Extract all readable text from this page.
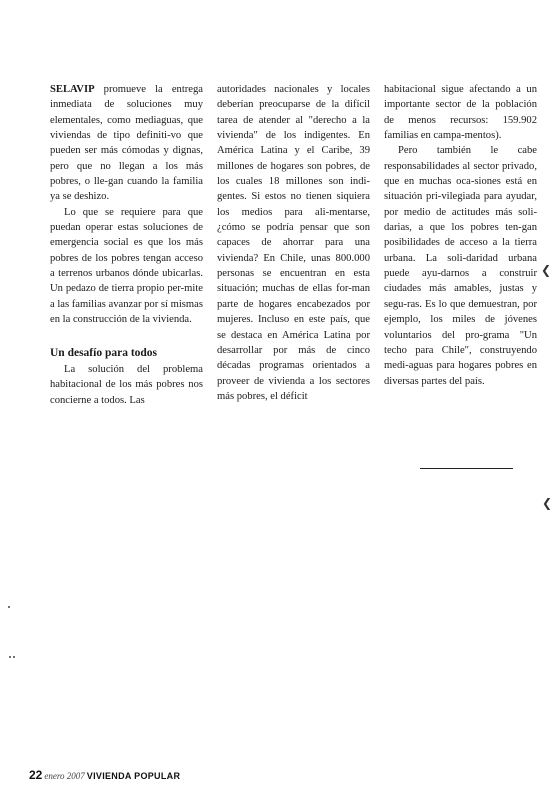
SELAVIP promueve la entrega inmediata de soluciones muy elementales, como mediaguas, que viviendas de tipo definiti-vo que pueden ser más cómodas y dignas, pero que no llegan a los más pobres, o lle-gan cuando la familia ya se deshizo.

Lo que se requiere para que puedan operar estas soluciones de emergencia social es que los más pobres de los pobres tengan acceso a terrenos urbanos dónde ubicarlas. Un pedazo de tierra propio per-mite a las familias avanzar por sí mismas en la construcción de la vivienda.

Un desafío para todos

La solución del problema habitacional de los más pobres nos concierne a todos. Las

autoridades nacionales y locales deberían preocuparse de la difícil tarea de atender al "derecho a la vivienda" de los indigentes. En América Latina y el Caribe, 39 millones de hogares son pobres, de los cuales 18 millones son indi-gentes. Si estos no tienen siquiera los medios para ali-mentarse, ¿cómo se podría pensar que son capaces de ahorrar para una vivienda? En Chile, unas 800.000 personas se encuentran en esta situación; muchas de ellas for-man parte de hogares encabezados por mujeres. Incluso en este país, que se destaca en América Latina por desarrollar por más de cinco décadas programas orientados a proveer de vivienda a los sectores más pobres, el déficit

habitacional sigue afectando a un importante sector de la población de menos recursos: 159.902 familias en campa-mentos).

Pero también le cabe responsabilidades al sector privado, que en muchas oca-siones está en situación pri-vilegiada para ayudar, por medio de actitudes más soli-darias, a que los pobres ten-gan posibilidades de acceso a la tierra urbana. La soli-daridad urbana puede ayu-darnos a construir ciudades más amables, justas y segu-ras. Es lo que demuestran, por ejemplo, los miles de jóvenes voluntarios del pro-grama "Un techo para Chile", construyendo medi-aguas para hogares pobres en diversas partes del país.

22 enero 2007 VIVIENDA POPULAR
❮
❮
